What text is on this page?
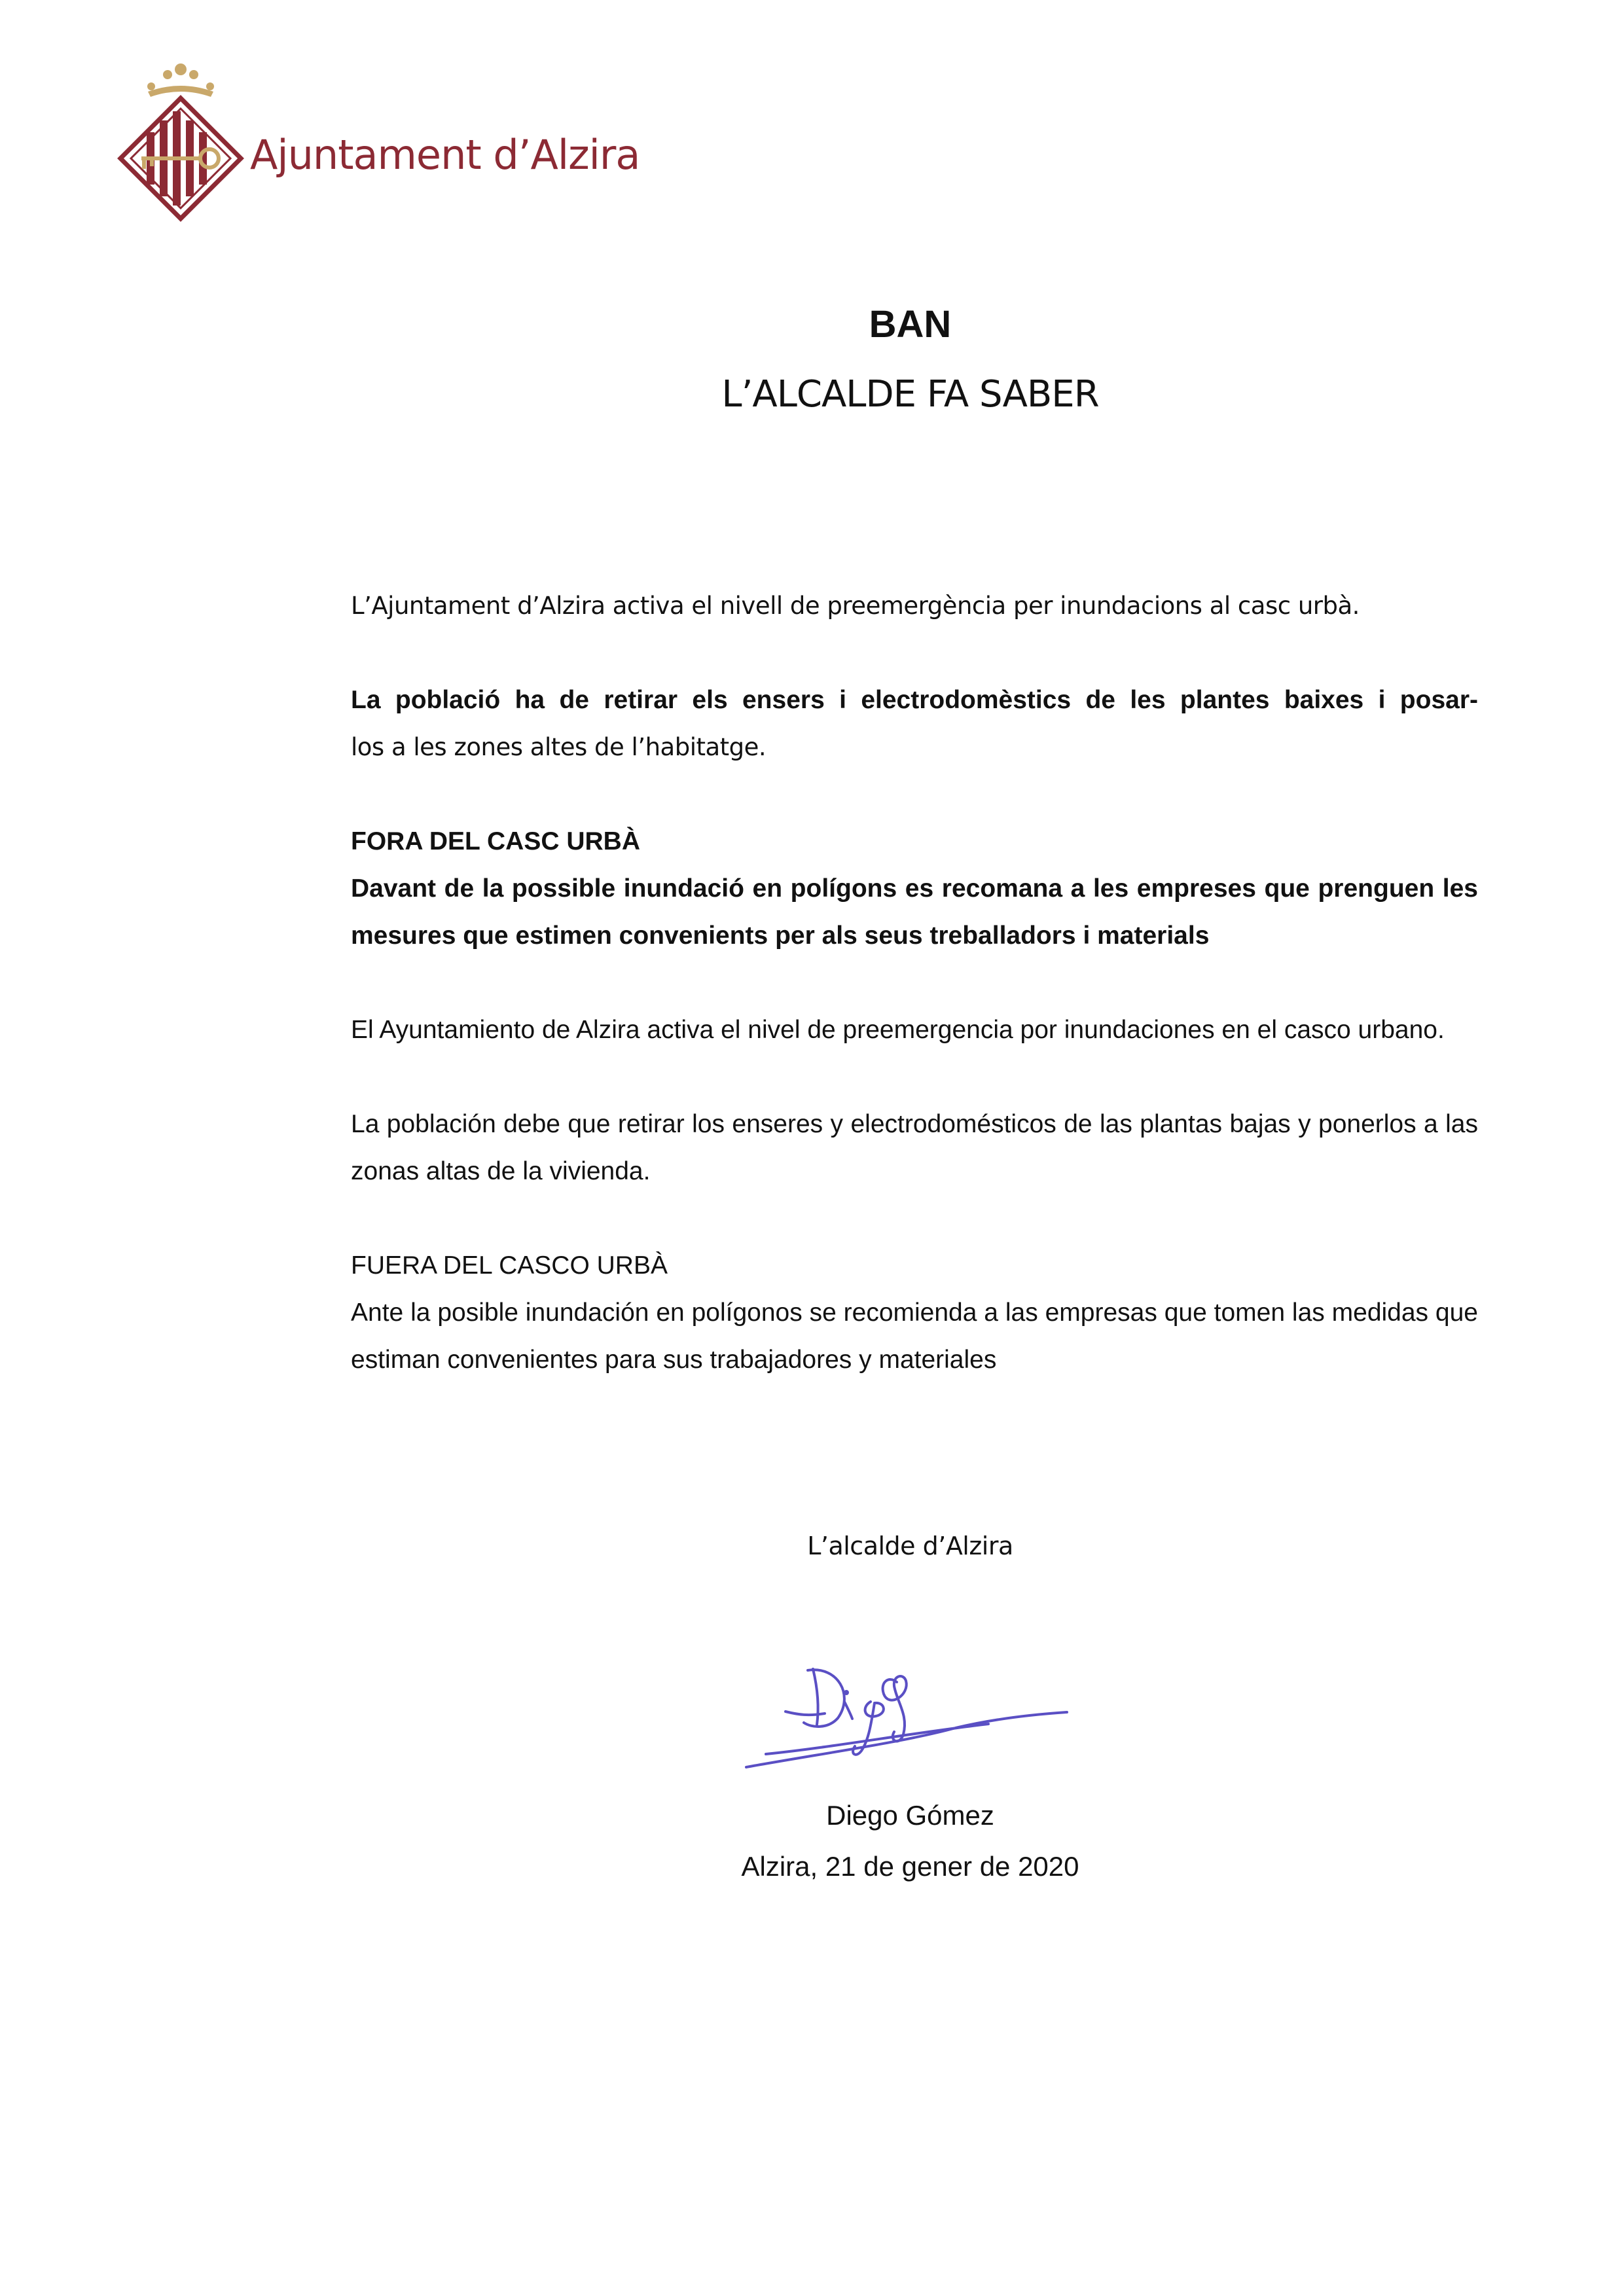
Ajuntament d’Alzira
BAN
L’ALCALDE FA SABER

L’Ajuntament d’Alzira activa el nivell de preemergència per inundacions al casc urbà.

La població ha de retirar els ensers i electrodomèstics de les plantes baixes i posar-
los a les zones altes de l’habitatge.

FORA DEL CASC URBÀ
Davant de la possible inundació en polígons es recomana a les empreses que prenguen les mesures que estimen convenients per als seus treballadors i materials

El Ayuntamiento de Alzira activa el nivel de preemergencia por inundaciones en el casco urbano.

La población debe que retirar los enseres y electrodomésticos de las plantas bajas y ponerlos a las zonas altas de la vivienda.

FUERA DEL CASCO URBÀ
Ante la posible inundación en polígonos se recomienda a las empresas que tomen las medidas que estiman convenientes para sus trabajadores y materiales

L’alcalde d’Alzira
Diego Gómez
Alzira, 21 de gener de 2020
